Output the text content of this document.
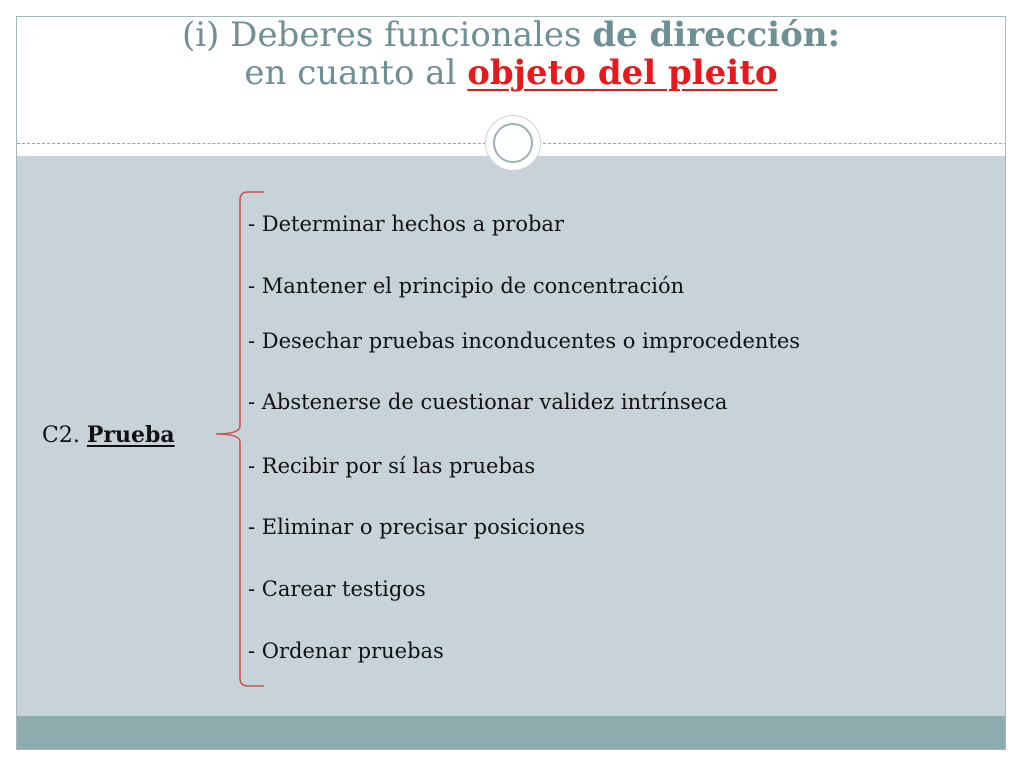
(i) Deberes funcionales de dirección:
en cuanto al objeto del pleito
C2. Prueba
- Determinar hechos a probar
- Mantener el principio de concentración
- Desechar pruebas inconducentes o improcedentes
- Abstenerse de cuestionar validez intrínseca
- Recibir por sí las pruebas
- Eliminar o precisar posiciones
- Carear testigos
- Ordenar pruebas
